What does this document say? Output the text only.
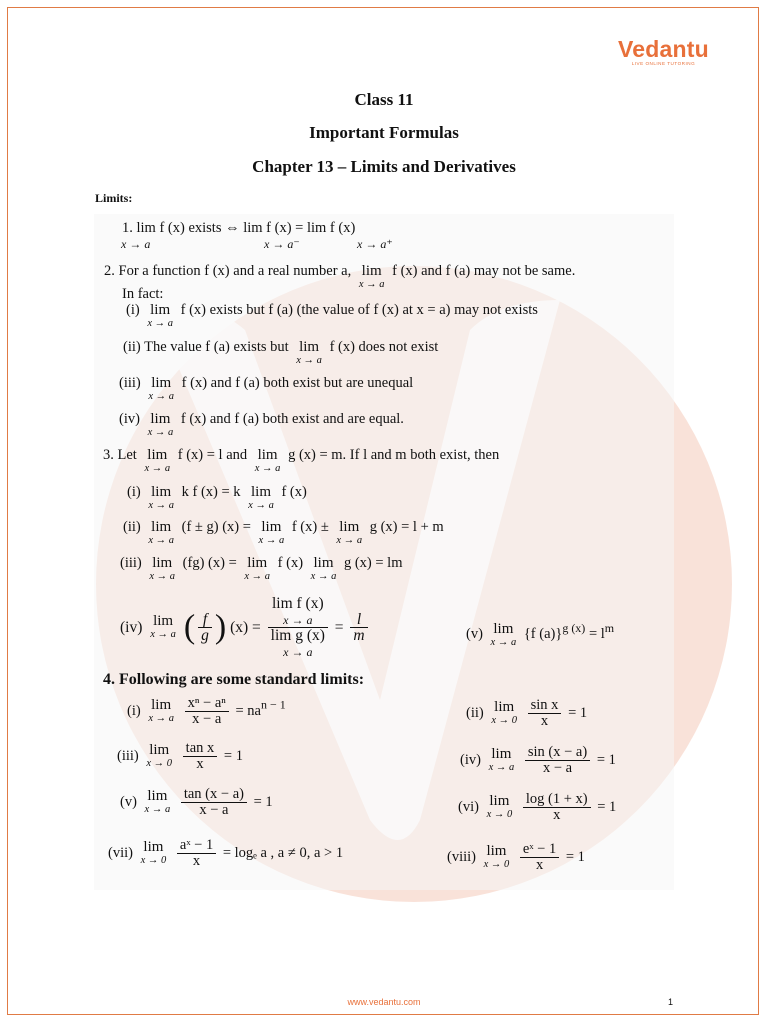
Vedantu
LIVE ONLINE TUTORING
Class 11
Important Formulas
Chapter 13 – Limits and Derivatives
Limits:
1. lim f (x) exists ⇔ lim f (x) = lim f (x)
x → a	x → a⁻	x → a⁺
2. For a function f (x) and a real number a, lim
x → a
f (x) and f (a) may not be same.
In fact:
(i) lim
x → a
f (x) exists but f (a) (the value of f (x) at x = a) may not exists
(ii) The value f (a) exists but lim
x → a
f (x) does not exist
(iii) lim
x → a
f (x) and f (a) both exist but are unequal
(iv) lim
x → a
f (x) and f (a) both exist and are equal.
3. Let lim
x → a
f (x) = l and lim
x → a
g (x) = m. If l and m both exist, then
(i) lim
x → a
k f (x) = k lim
x → a
f (x)
(ii) lim
x → a
(f ± g) (x) = lim
x → a
f (x) ± lim
x → a
g (x) = l + m
(iii) lim
x → a
(fg) (x) = lim
x → a
f (x) lim
x → a
g (x) = lm
(iv) lim
x → a ( $\frac{f}{g}$ ) (x) =
lim f (x)
x → a
lim g (x)
x → a
= $\frac{l}{m}$	(v) lim
x → a
{f $(a)\}^{g (x)} = l^m$
4. Following are some standard limits:
(i) lim
x → a
$\frac{\text{xⁿ − aⁿ}}{x - a} = na^{n - 1}$
(ii) lim
x → 0
$\frac{\text{sin x}}{x} = 1$
(iii) lim
x → 0
$\frac{\text{tan x}}{x} = 1$	(iv) lim
x → a
$\frac{\sin (x - a)}{x - a} = 1$
(v) lim
x → a
$\frac{\tan (x - a)}{x - a} = 1$	(vi) lim
x → 0
$\frac{\log (1 + x)}{x} = 1$
(vii) lim
x → 0
$\frac{\text{aˣ − 1}}{x} = \log_e$ a , a ≠ 0, a > 1	(viii) lim
x → 0
$\frac{\text{eˣ − 1}}{x} = 1$
www.vedantu.com	1
